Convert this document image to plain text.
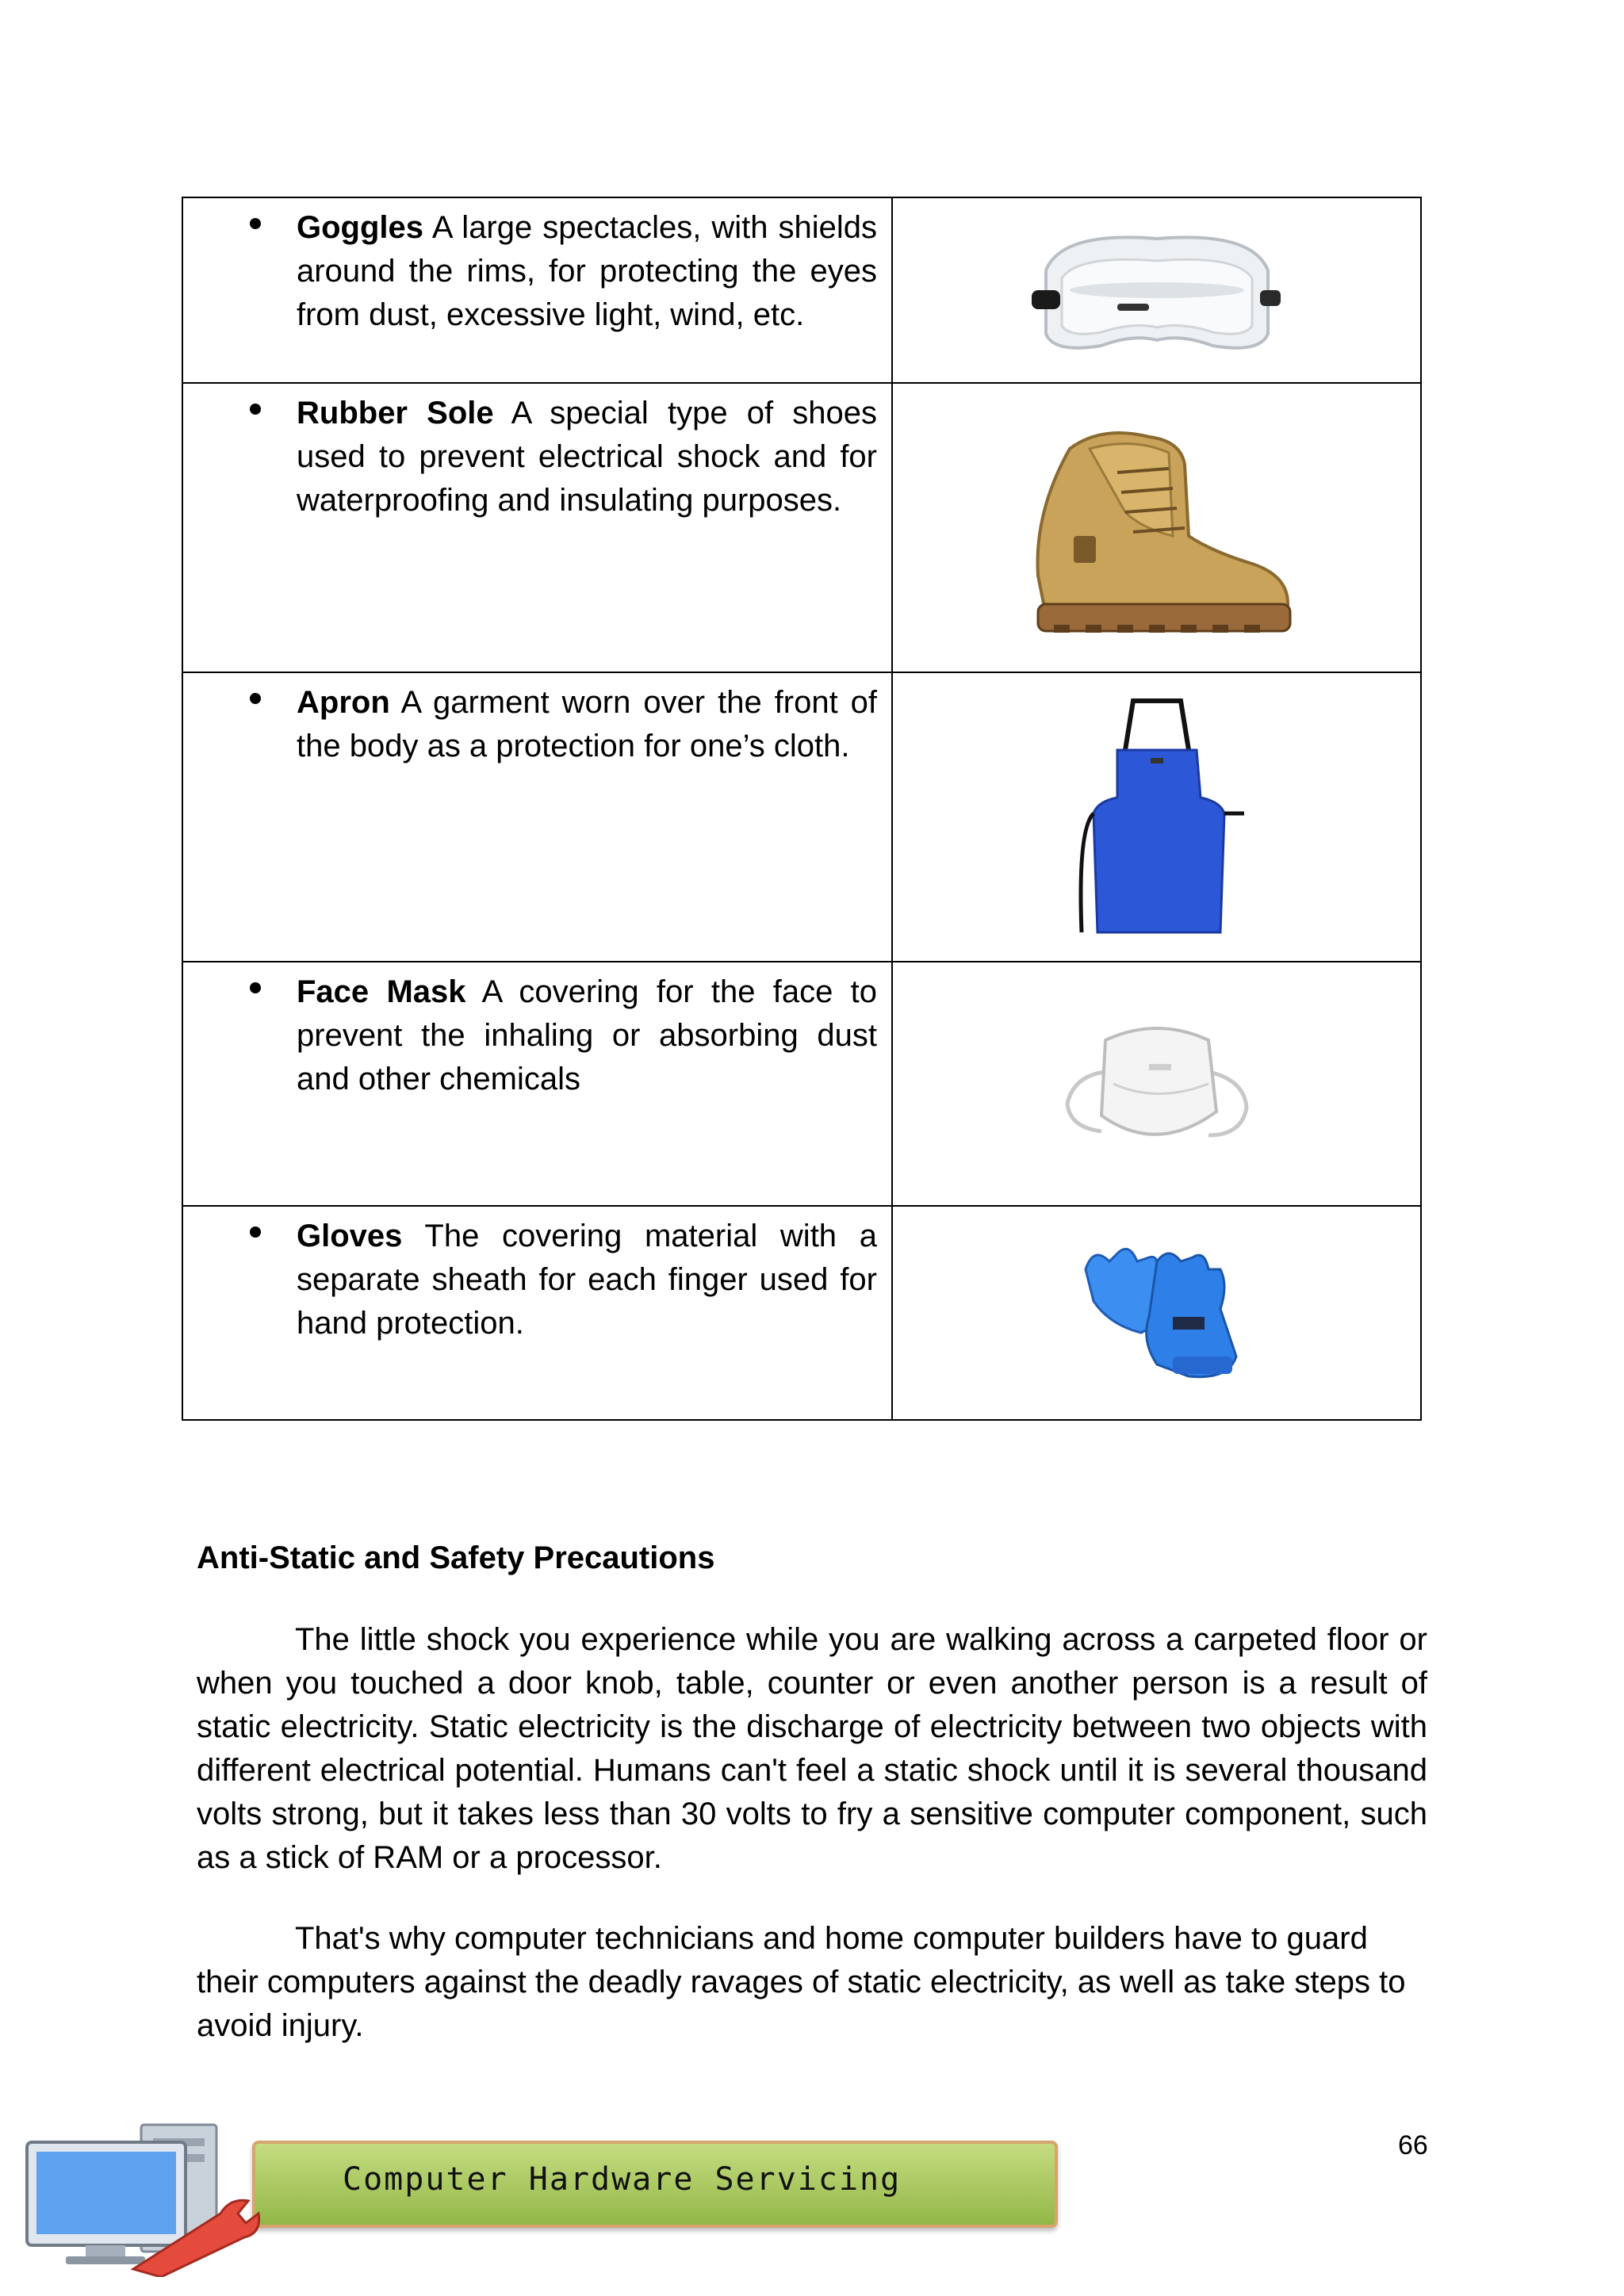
Goggles A large spectacles, with shields around the rims, for protecting the eyes from dust, excessive light, wind, etc.

Rubber Sole A special type of shoes used to prevent electrical shock and for waterproofing and insulating purposes.

Apron A garment worn over the front of the body as a protection for one’s cloth.

Face Mask A covering for the face to prevent the inhaling or absorbing dust and other chemicals

Gloves The covering material with a separate sheath for each finger used for hand protection.

Anti-Static and Safety Precautions

The little shock you experience while you are walking across a carpeted floor or when you touched a door knob, table, counter or even another person is a result of static electricity. Static electricity is the discharge of electricity between two objects with different electrical potential. Humans can't feel a static shock until it is several thousand volts strong, but it takes less than 30 volts to fry a sensitive computer component, such as a stick of RAM or a processor.

That's why computer technicians and home computer builders have to guard their computers against the deadly ravages of static electricity, as well as take steps to avoid injury.

66
Computer Hardware Servicing
